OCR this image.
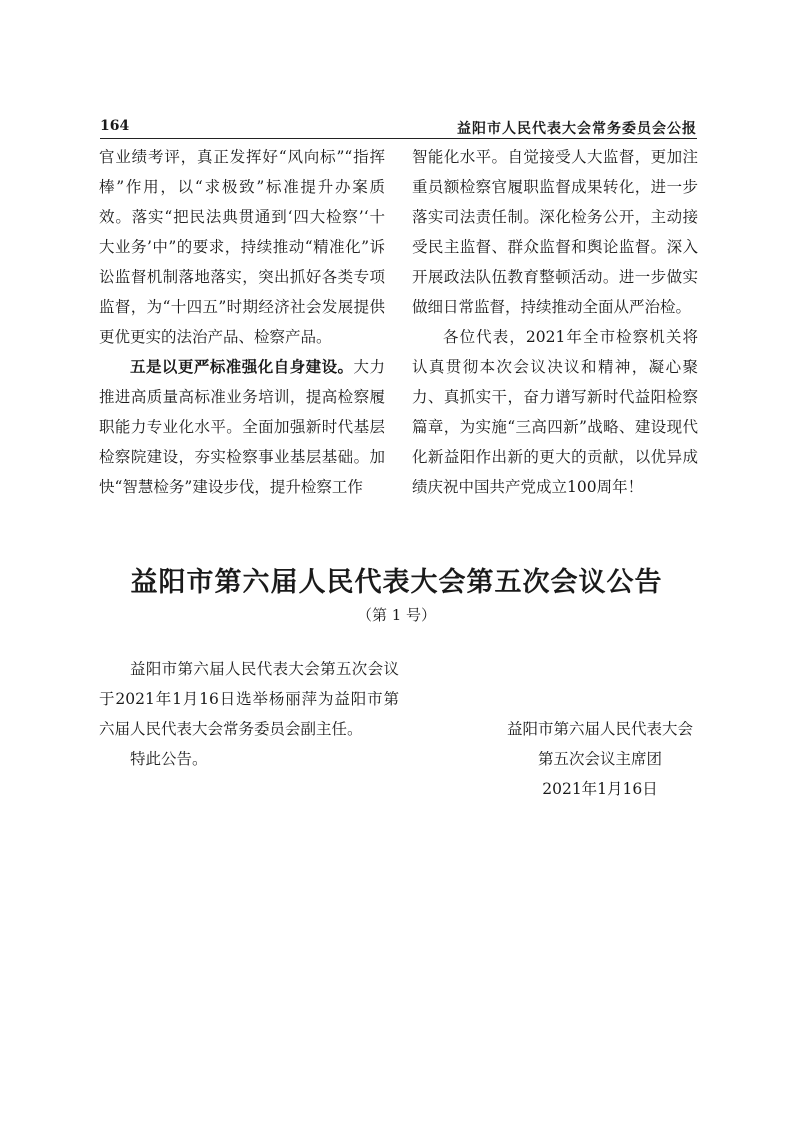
164	益阳市人民代表大会常务委员会公报

官业绩考评，真正发挥好“风向标”“指挥棒”作用，以“求极致”标准提升办案质效。落实“把民法典贯通到‘四大检察’‘十大业务’中”的要求，持续推动“精准化”诉讼监督机制落地落实，突出抓好各类专项监督，为“十四五”时期经济社会发展提供更优更实的法治产品、检察产品。

五是以更严标准强化自身建设。大力推进高质量高标准业务培训，提高检察履职能力专业化水平。全面加强新时代基层检察院建设，夯实检察事业基层基础。加快“智慧检务”建设步伐，提升检察工作

智能化水平。自觉接受人大监督，更加注重员额检察官履职监督成果转化，进一步落实司法责任制。深化检务公开，主动接受民主监督、群众监督和舆论监督。深入开展政法队伍教育整顿活动。进一步做实做细日常监督，持续推动全面从严治检。

各位代表，2021年全市检察机关将认真贯彻本次会议决议和精神，凝心聚力、真抓实干，奋力谱写新时代益阳检察篇章，为实施“三高四新”战略、建设现代化新益阳作出新的更大的贡献，以优异成绩庆祝中国共产党成立100周年！

益阳市第六届人民代表大会第五次会议公告
（第 1 号）

益阳市第六届人民代表大会第五次会议于2021年1月16日选举杨丽萍为益阳市第六届人民代表大会常务委员会副主任。

特此公告。

益阳市第六届人民代表大会
第五次会议主席团
2021年1月16日
